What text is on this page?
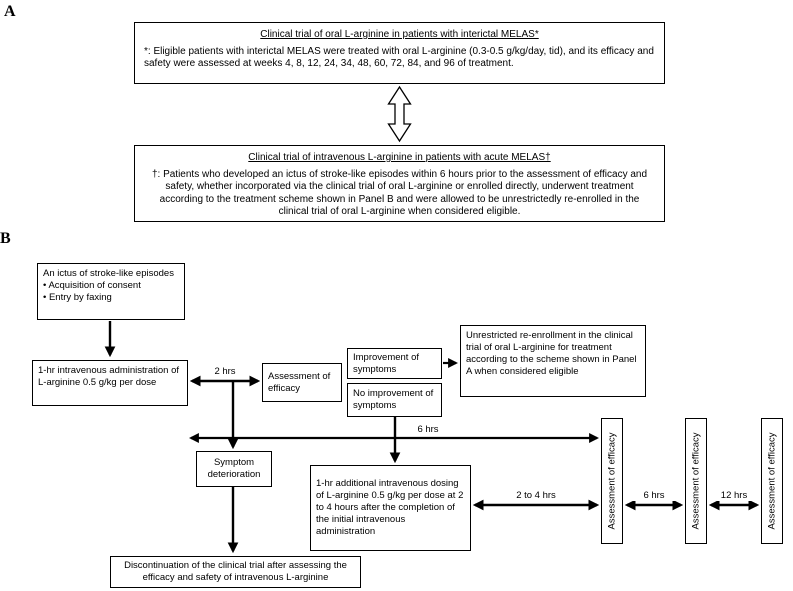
A
Clinical trial of oral L-arginine in patients with interictal MELAS*
*: Eligible patients with interictal MELAS were treated with oral L-arginine (0.3-0.5 g/kg/day, tid), and its efficacy and safety were assessed at weeks 4, 8, 12, 24, 34, 48, 60, 72, 84, and 96 of treatment.
Clinical trial of intravenous L-arginine in patients with acute MELAS†
†: Patients who developed an ictus of stroke-like episodes within 6 hours prior to the assessment of efficacy and safety, whether incorporated via the clinical trial of oral L-arginine or enrolled directly, underwent treatment according to the treatment scheme shown in Panel B and were allowed to be unrestrictedly re-enrolled in the clinical trial of oral L-arginine when considered eligible.
B
An ictus of stroke-like episodes
• Acquisition of consent
• Entry by faxing
1-hr intravenous administration of L-arginine 0.5 g/kg per dose
Assessment of efficacy
Improvement of symptoms
No improvement of symptoms
Unrestricted re-enrollment in the clinical trial of oral L-arginine for treatment according to the scheme shown in Panel A when considered eligible
Symptom deterioration
1-hr additional intravenous dosing of L-arginine 0.5 g/kg per dose at 2 to 4 hours after the completion of the initial intravenous administration
Assessment of efficacy	Assessment of efficacy	Assessment of efficacy
Discontinuation of the clinical trial after assessing the efficacy and safety of intravenous L-arginine
2 hrs
6 hrs
2 to 4 hrs	6 hrs	12 hrs
